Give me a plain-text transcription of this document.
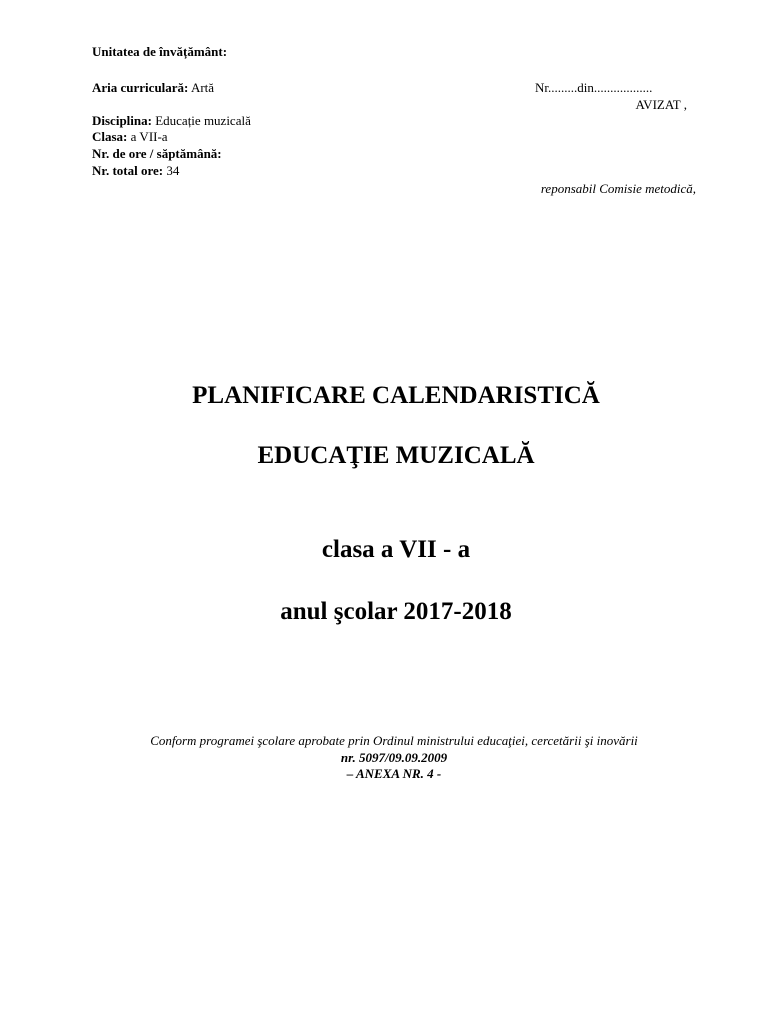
Unitatea de învățământ:
Aria curriculară: Artă
Disciplina: Educație muzicală
Clasa: a VII-a
Nr. de ore / săptămână:
Nr. total ore: 34
Nr.........din..................
AVIZAT ,
reponsabil Comisie metodică,
PLANIFICARE CALENDARISTICĂ
EDUCAŢIE MUZICALĂ
clasa a VII - a
anul şcolar 2017-2018
Conform programei şcolare aprobate prin Ordinul ministrului educaţiei, cercetării şi inovării
nr. 5097/09.09.2009
– ANEXA NR. 4 -
